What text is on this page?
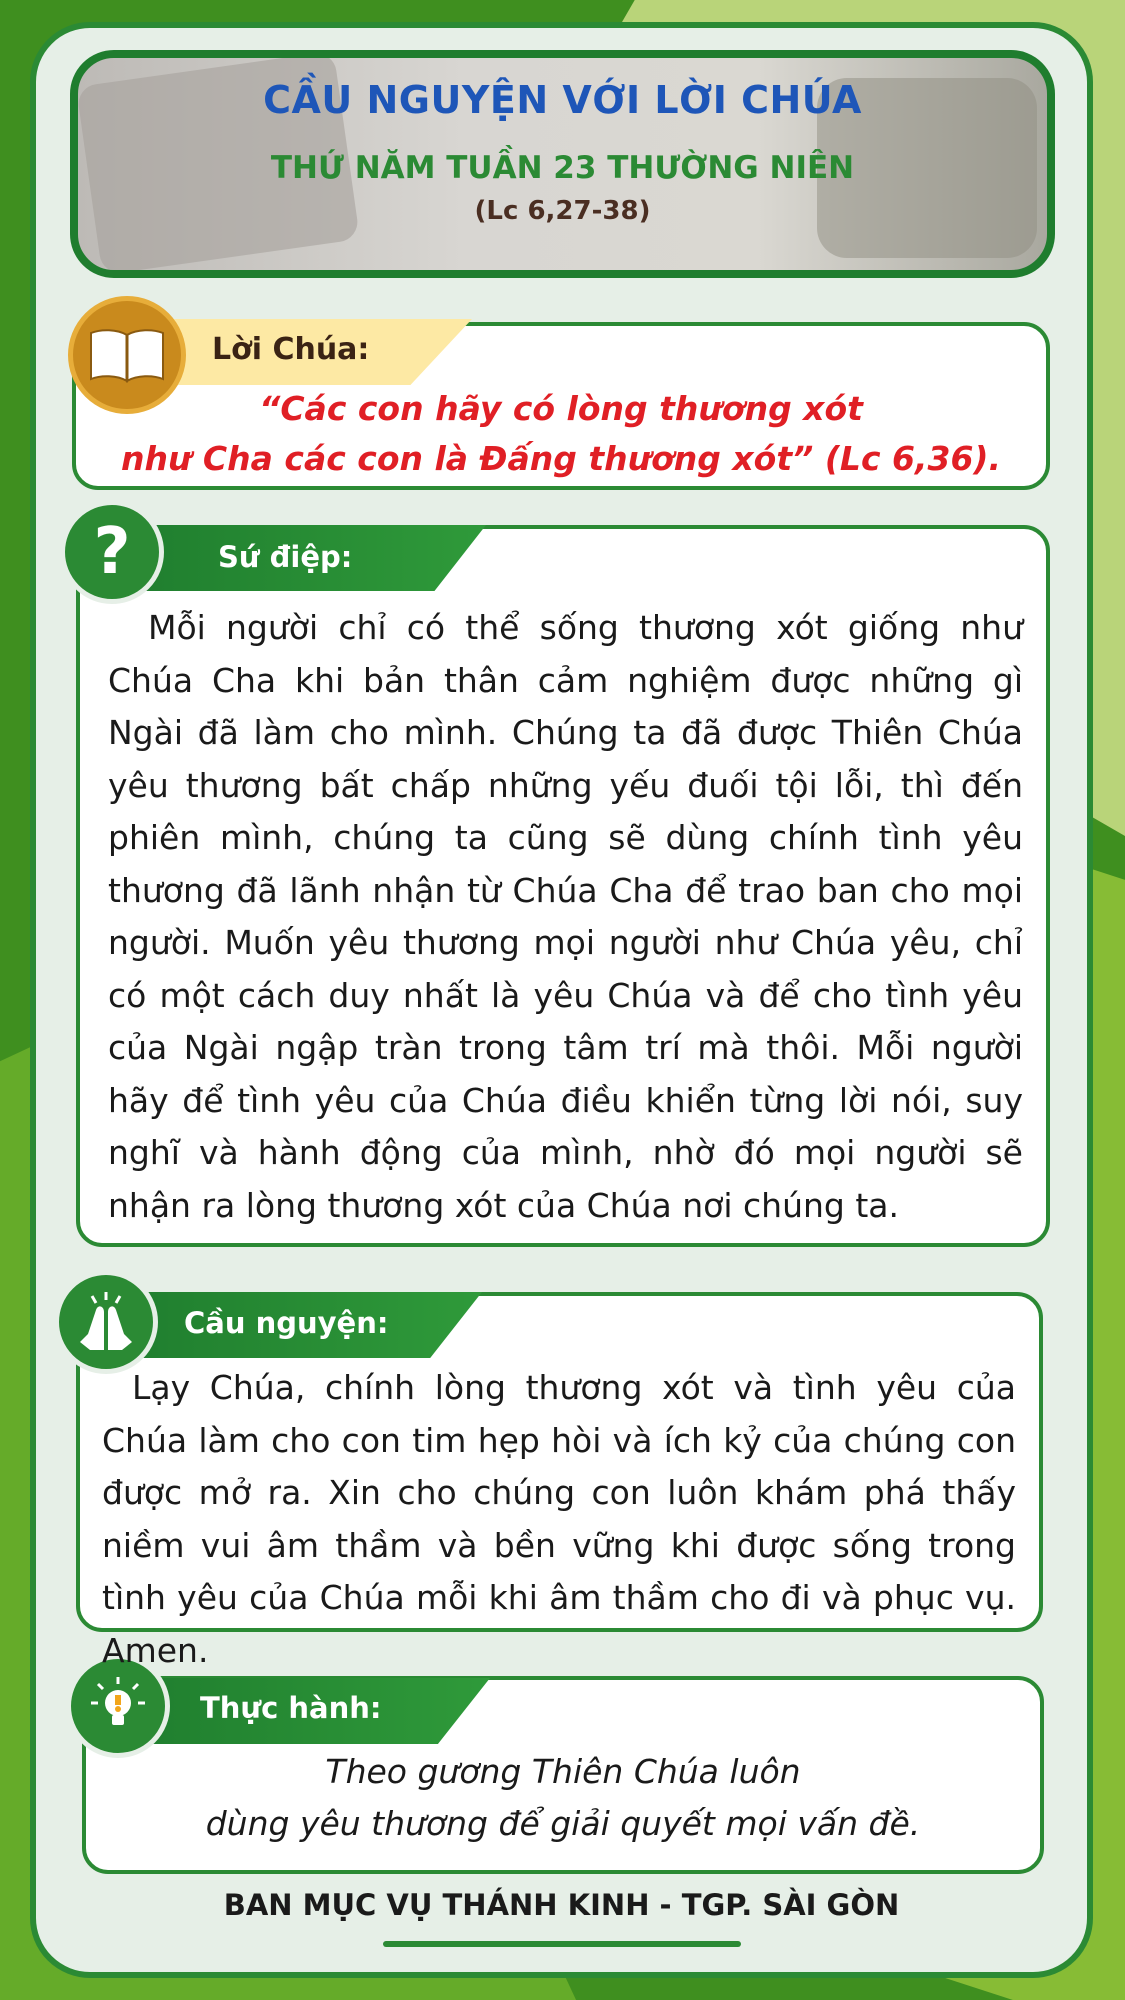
CẦU NGUYỆN VỚI LỜI CHÚA
THỨ NĂM TUẦN 23 THƯỜNG NIÊN
(Lc 6,27-38)
Lời Chúa:
“Các con hãy có lòng thương xót
như Cha các con là Đấng thương xót” (Lc 6,36).
?	Sứ điệp:
Mỗi người chỉ có thể sống thương xót giống như Chúa Cha khi bản thân cảm nghiệm được những gì Ngài đã làm cho mình. Chúng ta đã được Thiên Chúa yêu thương bất chấp những yếu đuối tội lỗi, thì đến phiên mình, chúng ta cũng sẽ dùng chính tình yêu thương đã lãnh nhận từ Chúa Cha để trao ban cho mọi người. Muốn yêu thương mọi người như Chúa yêu, chỉ có một cách duy nhất là yêu Chúa và để cho tình yêu của Ngài ngập tràn trong tâm trí mà thôi. Mỗi người hãy để tình yêu của Chúa điều khiển từng lời nói, suy nghĩ và hành động của mình, nhờ đó mọi người sẽ nhận ra lòng thương xót của Chúa nơi chúng ta.
Cầu nguyện:
Lạy Chúa, chính lòng thương xót và tình yêu của Chúa làm cho con tim hẹp hòi và ích kỷ của chúng con được mở ra. Xin cho chúng con luôn khám phá thấy niềm vui âm thầm và bền vững khi được sống trong tình yêu của Chúa mỗi khi âm thầm cho đi và phục vụ. Amen.
Thực hành:
Theo gương Thiên Chúa luôn
dùng yêu thương để giải quyết mọi vấn đề.
BAN MỤC VỤ THÁNH KINH - TGP. SÀI GÒN
